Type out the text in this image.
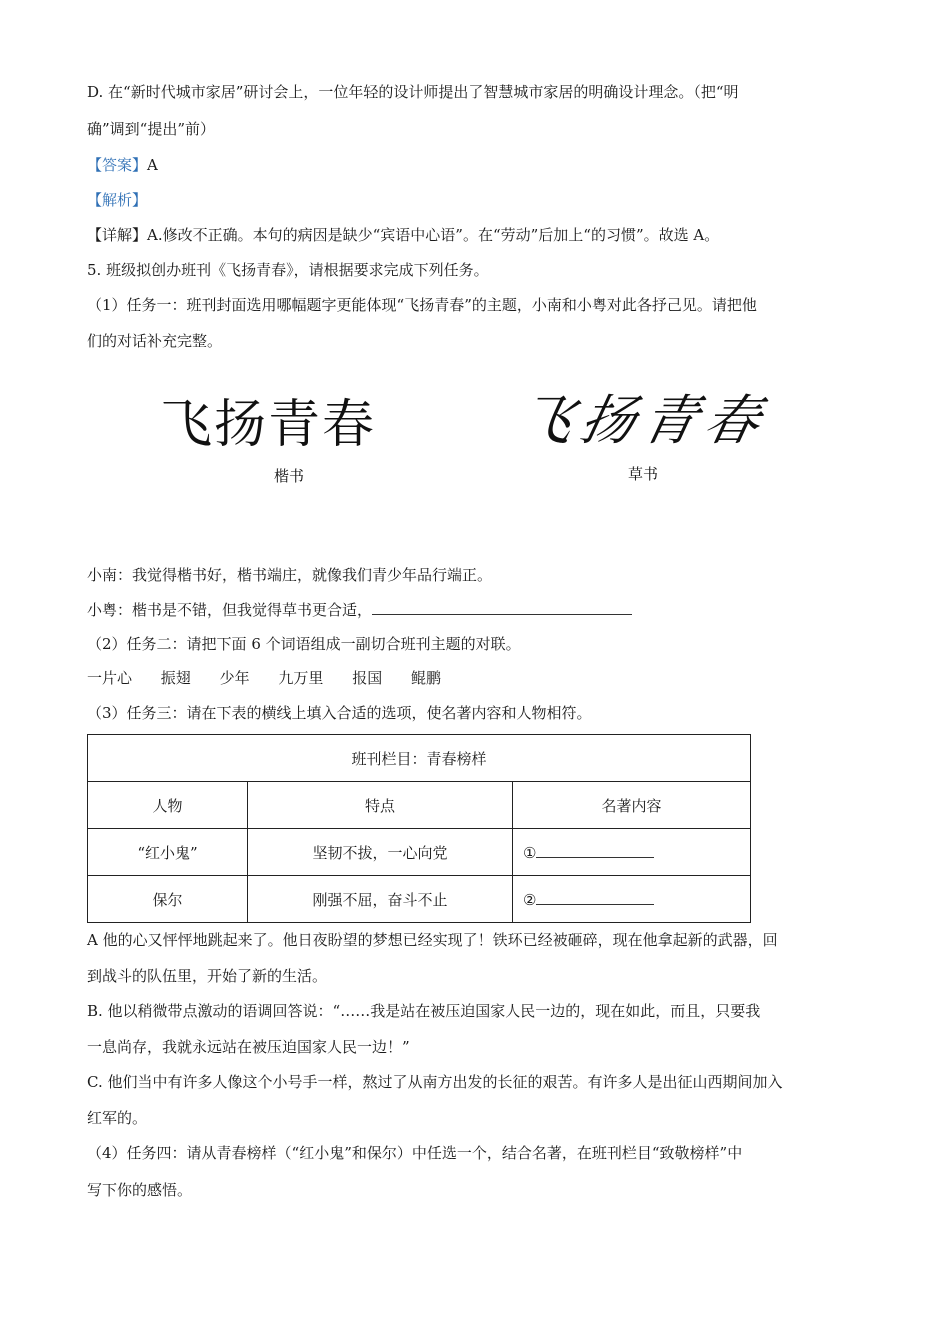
D. 在“新时代城市家居”研讨会上，一位年轻的设计师提出了智慧城市家居的明确设计理念。（把“明
确”调到“提出”前）
【答案】A
【解析】
【详解】A.修改不正确。本句的病因是缺少“宾语中心语”。在“劳动”后加上“的习惯”。故选 A。
5. 班级拟创办班刊《飞扬青春》，请根据要求完成下列任务。
（1）任务一：班刊封面选用哪幅题字更能体现“飞扬青春”的主题，小南和小粤对此各抒己见。请把他
们的对话补充完整。
飞扬青春
楷书
飞扬青春
草书
小南：我觉得楷书好，楷书端庄，就像我们青少年品行端正。
小粤：楷书是不错，但我觉得草书更合适，
（2）任务二：请把下面 6 个词语组成一副切合班刊主题的对联。
一片心 振翅 少年 九万里 报国 鲲鹏
（3）任务三：请在下表的横线上填入合适的选项，使名著内容和人物相符。
班刊栏目：青春榜样		
人物	特点	名著内容
“红小鬼”	坚韧不拔，一心向党	①
保尔	刚强不屈，奋斗不止	②
A 他的心又怦怦地跳起来了。他日夜盼望的梦想已经实现了！铁环已经被砸碎，现在他拿起新的武器，回
到战斗的队伍里，开始了新的生活。
B. 他以稍微带点激动的语调回答说：“……我是站在被压迫国家人民一边的，现在如此，而且，只要我
一息尚存，我就永远站在被压迫国家人民一边！”
C. 他们当中有许多人像这个小号手一样，熬过了从南方出发的长征的艰苦。有许多人是出征山西期间加入
红军的。
（4）任务四：请从青春榜样（“红小鬼”和保尔）中任选一个，结合名著，在班刊栏目“致敬榜样”中
写下你的感悟。
